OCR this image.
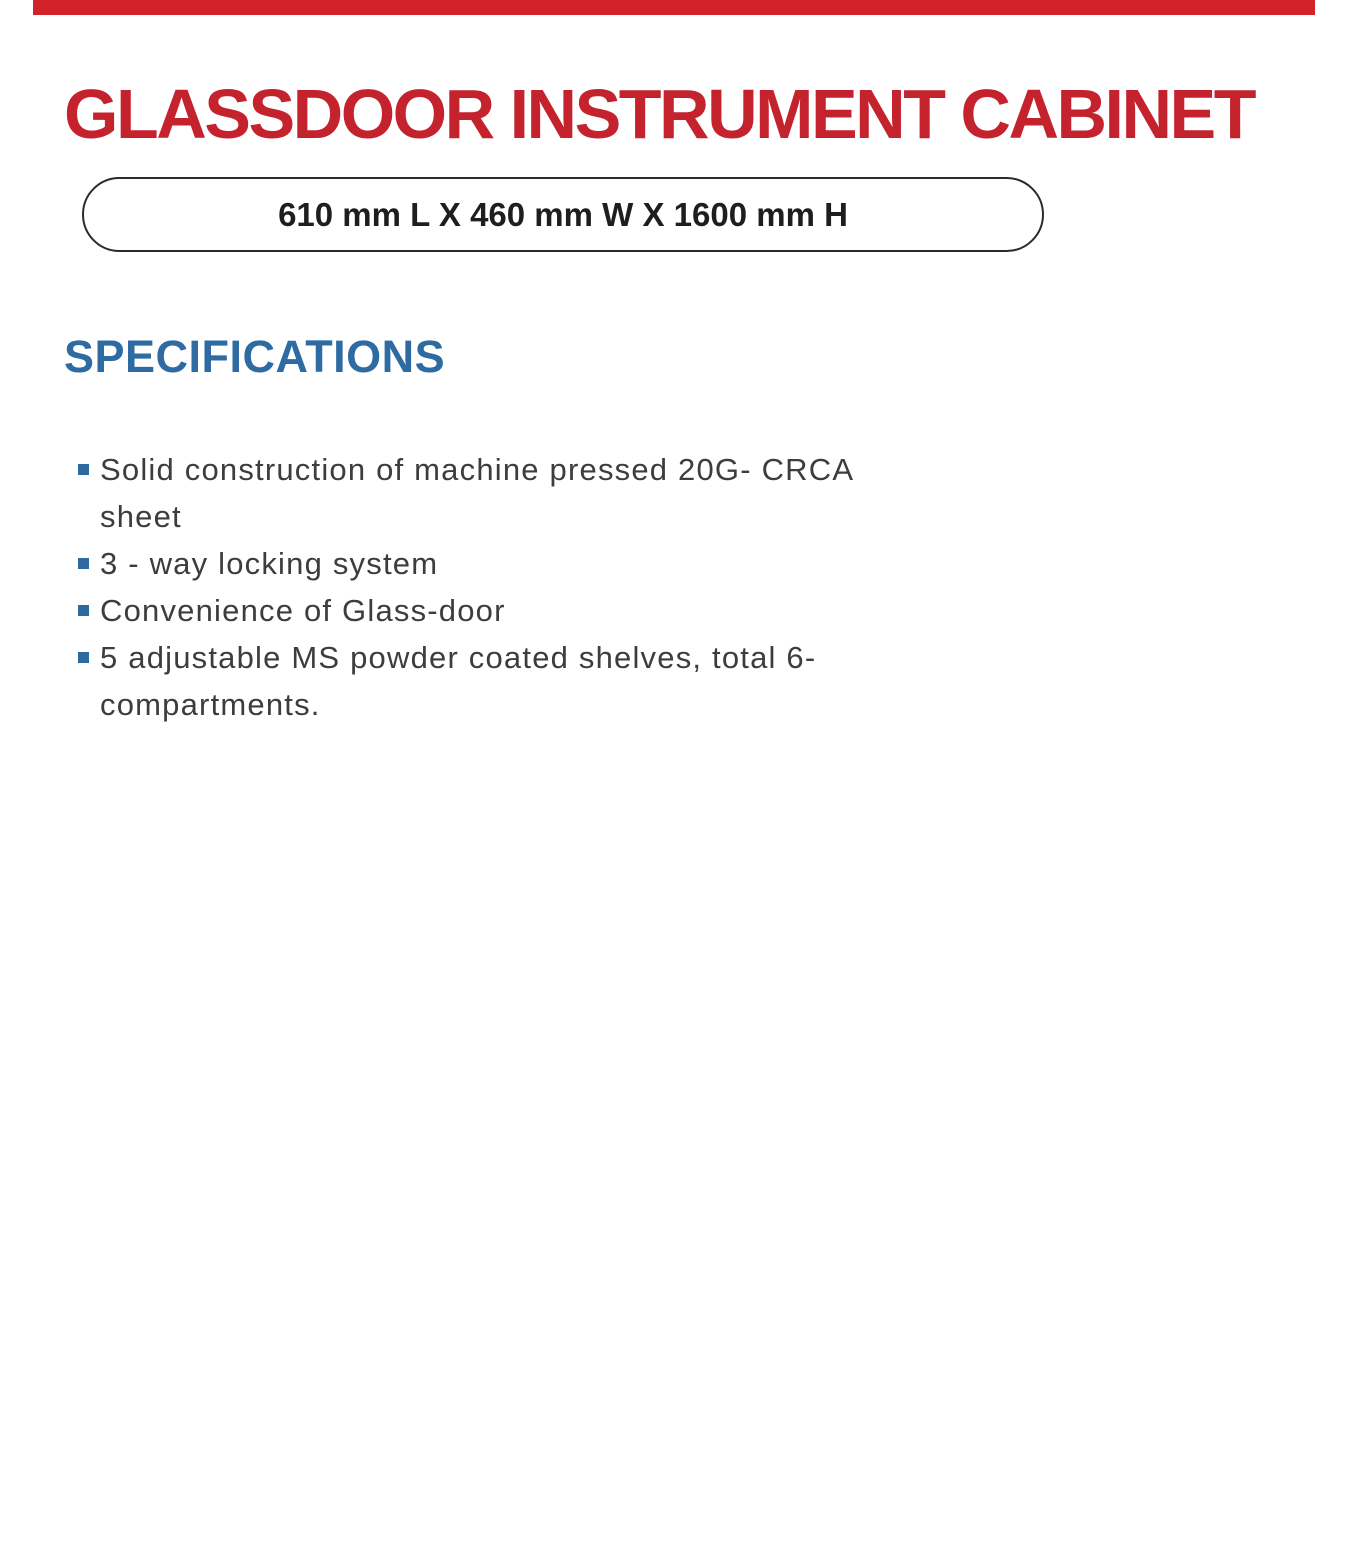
GLASSDOOR INSTRUMENT CABINET
610 mm L X 460 mm W X 1600 mm H
SPECIFICATIONS
Solid construction of machine pressed 20G- CRCA sheet
3 - way locking system
Convenience of Glass-door
5 adjustable MS powder coated shelves, total 6- compartments.
